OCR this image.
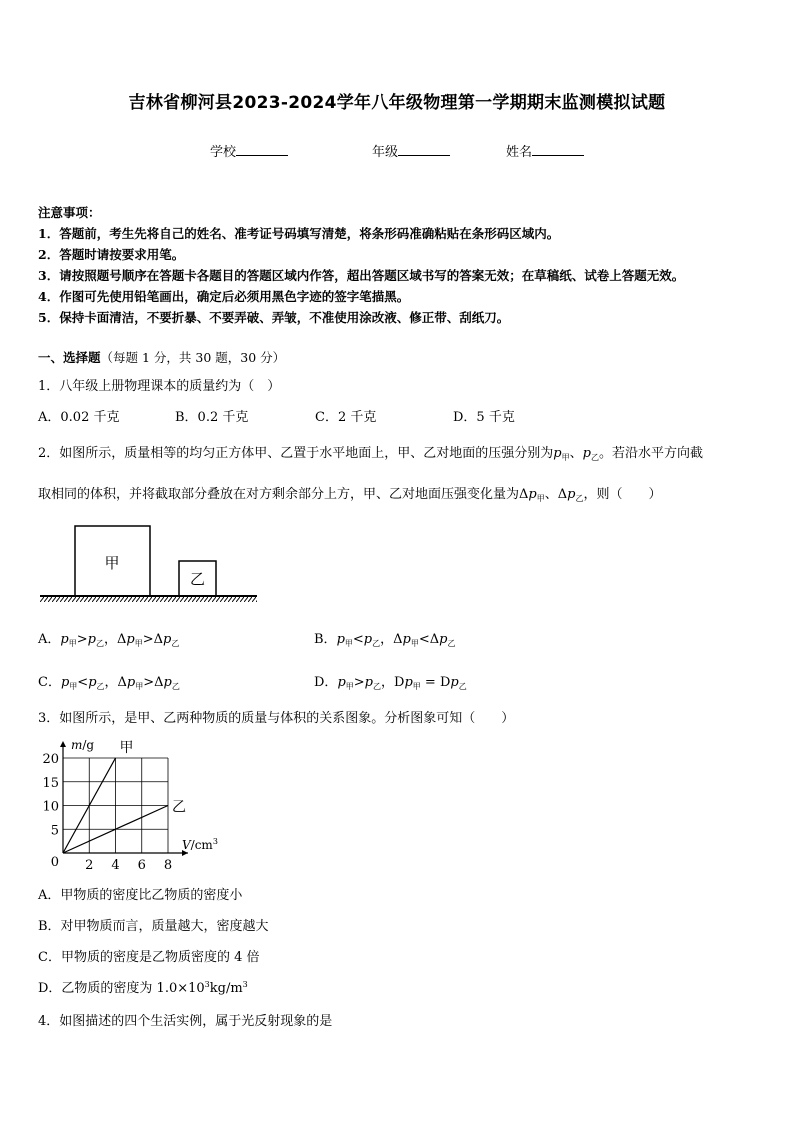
吉林省柳河县2023-2024学年八年级物理第一学期期末监测模拟试题
学校	年级	姓名
注意事项：
1．答题前，考生先将自己的姓名、准考证号码填写清楚，将条形码准确粘贴在条形码区域内。
2．答题时请按要求用笔。
3．请按照题号顺序在答题卡各题目的答题区域内作答，超出答题区域书写的答案无效；在草稿纸、试卷上答题无效。
4．作图可先使用铅笔画出，确定后必须用黑色字迹的签字笔描黑。
5．保持卡面清洁，不要折暴、不要弄破、弄皱，不准使用涂改液、修正带、刮纸刀。
一、选择题（每题 1 分，共 30 题，30 分）
1．八年级上册物理课本的质量约为（　）
A．0.02 千克	B．0.2 千克	C．2 千克	D．5 千克
2．如图所示，质量相等的均匀正方体甲、乙置于水平地面上，甲、乙对地面的压强分别为$p_甲$、$p_乙$。若沿水平方向截
取相同的体积，并将截取部分叠放在对方剩余部分上方，甲、乙对地面压强变化量为$\Delta p_甲$、$\Delta p_乙$，则（　　）
甲
乙
A．$p_甲>p_乙$，$\Delta p_甲>\Delta p_乙$	B．$p_甲<p_乙$，$\Delta p_甲<\Delta p_乙$
C．$p_甲<p_乙$，$\Delta p_甲>\Delta p_乙$	D．$p_甲>p_乙$，$Dp_甲 = Dp_乙$
3．如图所示，是甲、乙两种物质的质量与体积的关系图象。分析图象可知（　　）
2 4 6 8
5
10
15
20
0
m/g
$V/cm^3$
甲
乙
A．甲物质的密度比乙物质的密度小
B．对甲物质而言，质量越大，密度越大
C．甲物质的密度是乙物质密度的 4 倍
D．乙物质的密度为 $1.0\times 10^3kg/m^3$
4．如图描述的四个生活实例，属于光反射现象的是
